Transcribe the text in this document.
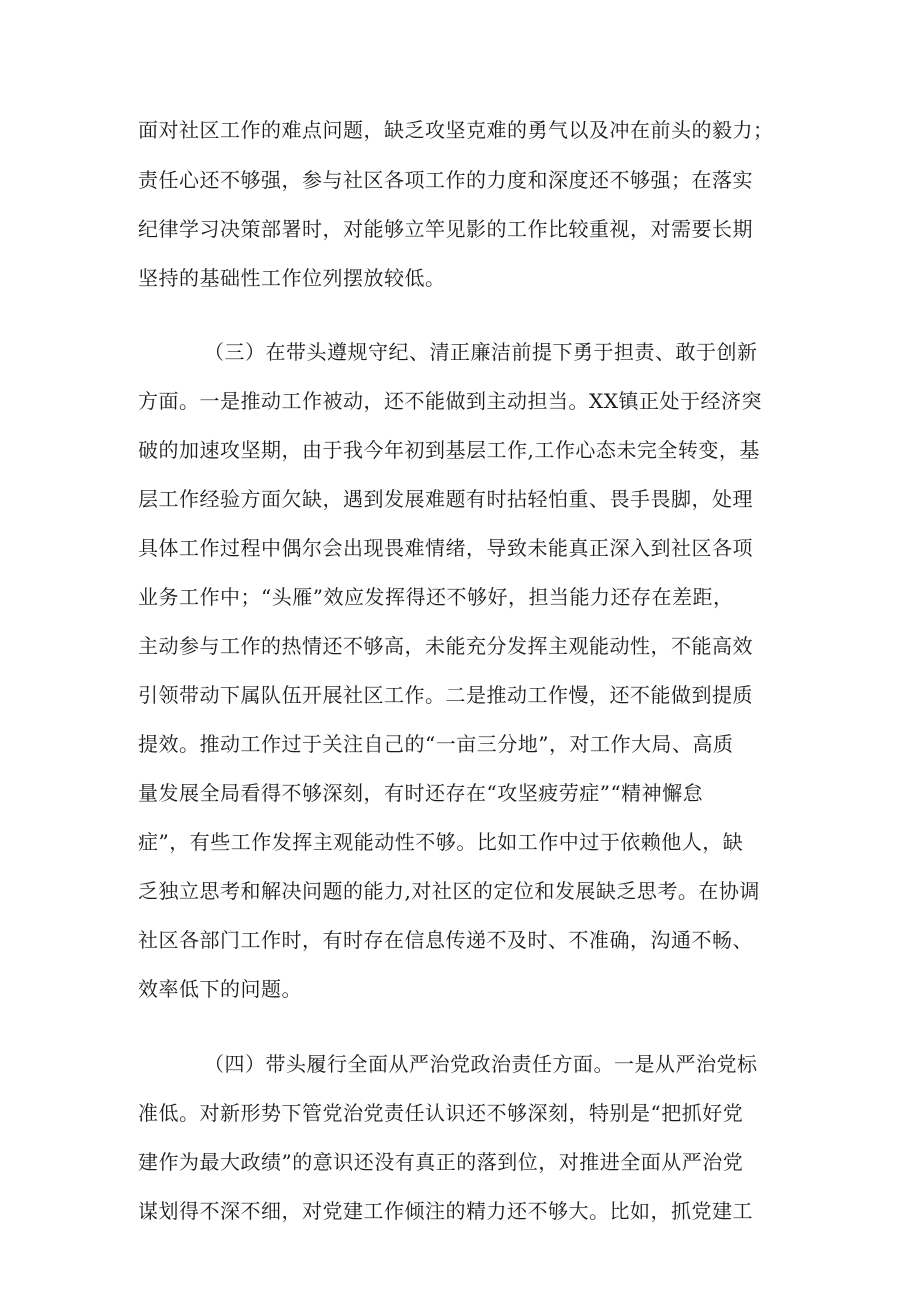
面对社区工作的难点问题，缺乏攻坚克难的勇气以及冲在前头的毅力；
责任心还不够强，参与社区各项工作的力度和深度还不够强；在落实
纪律学习决策部署时，对能够立竿见影的工作比较重视，对需要长期
坚持的基础性工作位列摆放较低。
（三）在带头遵规守纪、清正廉洁前提下勇于担责、敢于创新
方面。一是推动工作被动，还不能做到主动担当。XX镇正处于经济突
破的加速攻坚期，由于我今年初到基层工作,工作心态未完全转变，基
层工作经验方面欠缺，遇到发展难题有时拈轻怕重、畏手畏脚，处理
具体工作过程中偶尔会出现畏难情绪，导致未能真正深入到社区各项
业务工作中；“头雁”效应发挥得还不够好，担当能力还存在差距，
主动参与工作的热情还不够高，未能充分发挥主观能动性，不能高效
引领带动下属队伍开展社区工作。二是推动工作慢，还不能做到提质
提效。推动工作过于关注自己的“一亩三分地”，对工作大局、高质
量发展全局看得不够深刻，有时还存在“攻坚疲劳症”“精神懈怠
症”，有些工作发挥主观能动性不够。比如工作中过于依赖他人，缺
乏独立思考和解决问题的能力,对社区的定位和发展缺乏思考。在协调
社区各部门工作时，有时存在信息传递不及时、不准确，沟通不畅、
效率低下的问题。
（四）带头履行全面从严治党政治责任方面。一是从严治党标
准低。对新形势下管党治党责任认识还不够深刻，特别是“把抓好党
建作为最大政绩”的意识还没有真正的落到位，对推进全面从严治党
谋划得不深不细，对党建工作倾注的精力还不够大。比如，抓党建工
